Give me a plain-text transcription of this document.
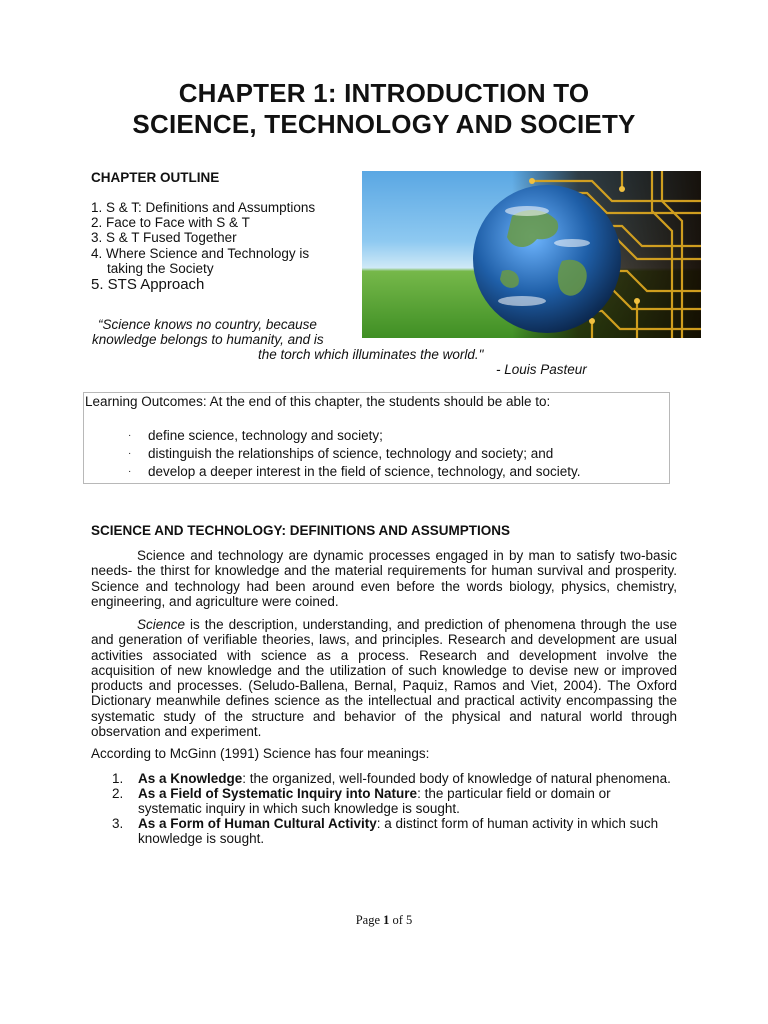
CHAPTER 1: INTRODUCTION TO
SCIENCE, TECHNOLOGY AND SOCIETY
CHAPTER OUTLINE
1. S & T: Definitions and Assumptions
2. Face to Face with S & T
3. S & T Fused Together
4. Where Science and Technology is
taking the Society
5. STS Approach
“Science knows no country, because
knowledge belongs to humanity, and is
the torch which illuminates the world."
- Louis Pasteur
Learning Outcomes: At the end of this chapter, the students should be able to:
· define science, technology and society;
· distinguish the relationships of science, technology and society; and
· develop a deeper interest in the field of science, technology, and society.
SCIENCE AND TECHNOLOGY: DEFINITIONS AND ASSUMPTIONS

Science and technology are dynamic processes engaged in by man to satisfy two-basic needs- the thirst for knowledge and the material requirements for human survival and prosperity. Science and technology had been around even before the words biology, physics, chemistry, engineering, and agriculture were coined.

Science is the description, understanding, and prediction of phenomena through the use and generation of verifiable theories, laws, and principles. Research and development are usual activities associated with science as a process. Research and development involve the acquisition of new knowledge and the utilization of such knowledge to devise new or improved products and processes. (Seludo-Ballena, Bernal, Paquiz, Ramos and Viet, 2004). The Oxford Dictionary meanwhile defines science as the intellectual and practical activity encompassing the systematic study of the structure and behavior of the physical and natural world through observation and experiment.

According to McGinn (1991) Science has four meanings:

1. As a Knowledge: the organized, well-founded body of knowledge of natural phenomena.
2. As a Field of Systematic Inquiry into Nature: the particular field or domain or systematic inquiry in which such knowledge is sought.
3. As a Form of Human Cultural Activity: a distinct form of human activity in which such knowledge is sought.
Page 1 of 5
